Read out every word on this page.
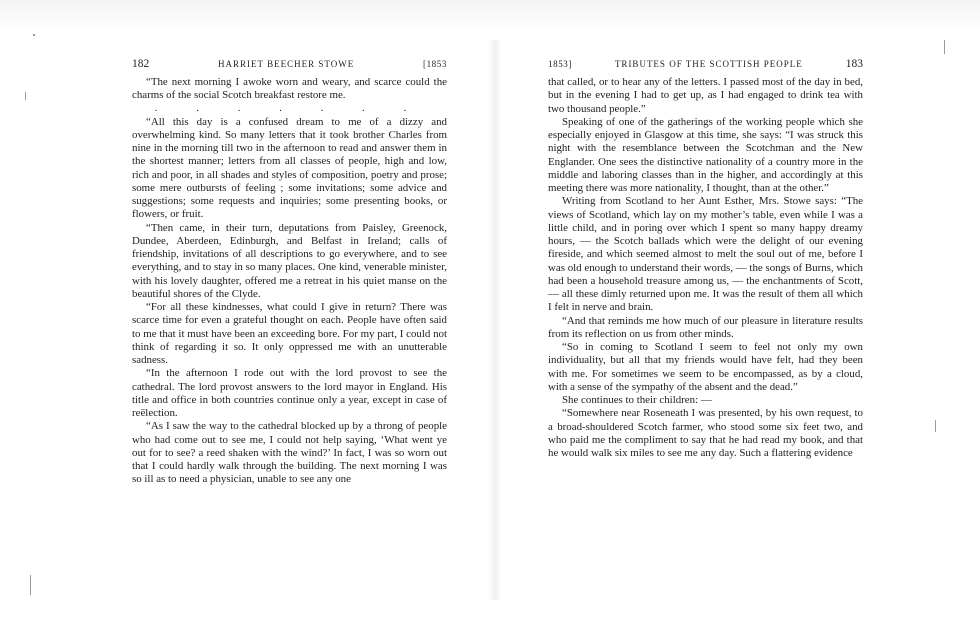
182	HARRIET BEECHER STOWE	[1853

“The next morning I awoke worn and weary, and scarce could the charms of the social Scotch breakfast restore me.

. . . . . . .

“All this day is a confused dream to me of a dizzy and overwhelming kind. So many letters that it took brother Charles from nine in the morning till two in the afternoon to read and answer them in the shortest manner; letters from all classes of people, high and low, rich and poor, in all shades and styles of composition, poetry and prose; some mere outbursts of feeling ; some invitations; some advice and suggestions; some requests and inquiries; some presenting books, or flowers, or fruit.

“Then came, in their turn, deputations from Paisley, Greenock, Dundee, Aberdeen, Edinburgh, and Belfast in Ireland; calls of friendship, invitations of all descriptions to go everywhere, and to see everything, and to stay in so many places. One kind, venerable minister, with his lovely daughter, offered me a retreat in his quiet manse on the beautiful shores of the Clyde.

“For all these kindnesses, what could I give in return? There was scarce time for even a grateful thought on each. People have often said to me that it must have been an exceeding bore. For my part, I could not think of regarding it so. It only oppressed me with an unutterable sadness.

“In the afternoon I rode out with the lord provost to see the cathedral. The lord provost answers to the lord mayor in England. His title and office in both countries continue only a year, except in case of reëlection.

“As I saw the way to the cathedral blocked up by a throng of people who had come out to see me, I could not help saying, ‘What went ye out for to see? a reed shaken with the wind?’ In fact, I was so worn out that I could hardly walk through the building. The next morning I was so ill as to need a physician, unable to see any one

1853]	TRIBUTES OF THE SCOTTISH PEOPLE	183

that called, or to hear any of the letters. I passed most of the day in bed, but in the evening I had to get up, as I had engaged to drink tea with two thousand people.”

Speaking of one of the gatherings of the working people which she especially enjoyed in Glasgow at this time, she says: “I was struck this night with the resemblance between the Scotchman and the New Englander. One sees the distinctive nationality of a country more in the middle and laboring classes than in the higher, and accordingly at this meeting there was more nationality, I thought, than at the other.”

Writing from Scotland to her Aunt Esther, Mrs. Stowe says: “The views of Scotland, which lay on my mother’s table, even while I was a little child, and in poring over which I spent so many happy dreamy hours, — the Scotch ballads which were the delight of our evening fireside, and which seemed almost to melt the soul out of me, before I was old enough to understand their words, — the songs of Burns, which had been a household treasure among us, — the enchantments of Scott, — all these dimly returned upon me. It was the result of them all which I felt in nerve and brain.

“And that reminds me how much of our pleasure in literature results from its reflection on us from other minds.

“So in coming to Scotland I seem to feel not only my own individuality, but all that my friends would have felt, had they been with me. For sometimes we seem to be encompassed, as by a cloud, with a sense of the sympathy of the absent and the dead.”

She continues to their children: —

“Somewhere near Roseneath I was presented, by his own request, to a broad-shouldered Scotch farmer, who stood some six feet two, and who paid me the compliment to say that he had read my book, and that he would walk six miles to see me any day. Such a flattering evidence
